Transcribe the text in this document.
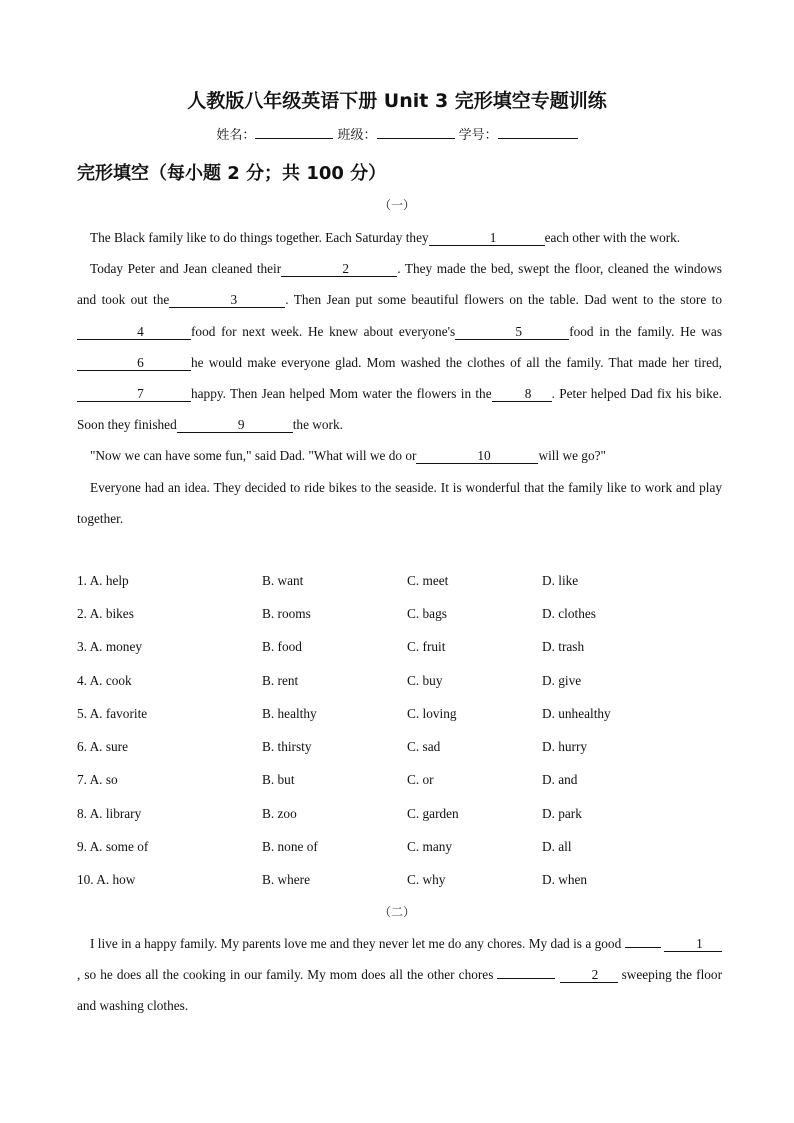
人教版八年级英语下册 Unit 3 完形填空专题训练
姓名：	班级：	学号：
完形填空（每小题 2 分；共 100 分）
（一）

The Black family like to do things together. Each Saturday they	1	each other with the work.

Today Peter and Jean cleaned their	2	. They made the bed, swept the floor, cleaned the windows and took out the	3	. Then Jean put some beautiful flowers on the table. Dad went to the store to4	food for next week. He knew about everyone's	5	food in the family. He was6	he would make everyone glad. Mom washed the clothes of all the family. That made her tired,7	happy. Then Jean helped Mom water the flowers in the 8 . Peter helped Dad fix his bike. Soon they finished	9	the work.

"Now we can have some fun," said Dad. "What will we do or	10	will we go?"

Everyone had an idea. They decided to ride bikes to the seaside. It is wonderful that the family like to work and play together.

1. A. help	B. want	C. meet	D. like
2. A. bikes	B. rooms	C. bags	D. clothes
3. A. money	B. food	C. fruit	D. trash
4. A. cook	B. rent	C. buy	D. give
5. A. favorite	B. healthy	C. loving	D. unhealthy
6. A. sure	B. thirsty	C. sad	D. hurry
7. A. so	B. but	C. or	D. and
8. A. library	B. zoo	C. garden	D. park
9. A. some of	B. none of	C. many	D. all
10. A. how	B. where	C. why	D. when
（二）

I live in a happy family. My parents love me and they never let me do any chores. My dad is a good	1, so he does all the cooking in our family. My mom does all the other chores	2 sweeping the floor and washing clothes.
